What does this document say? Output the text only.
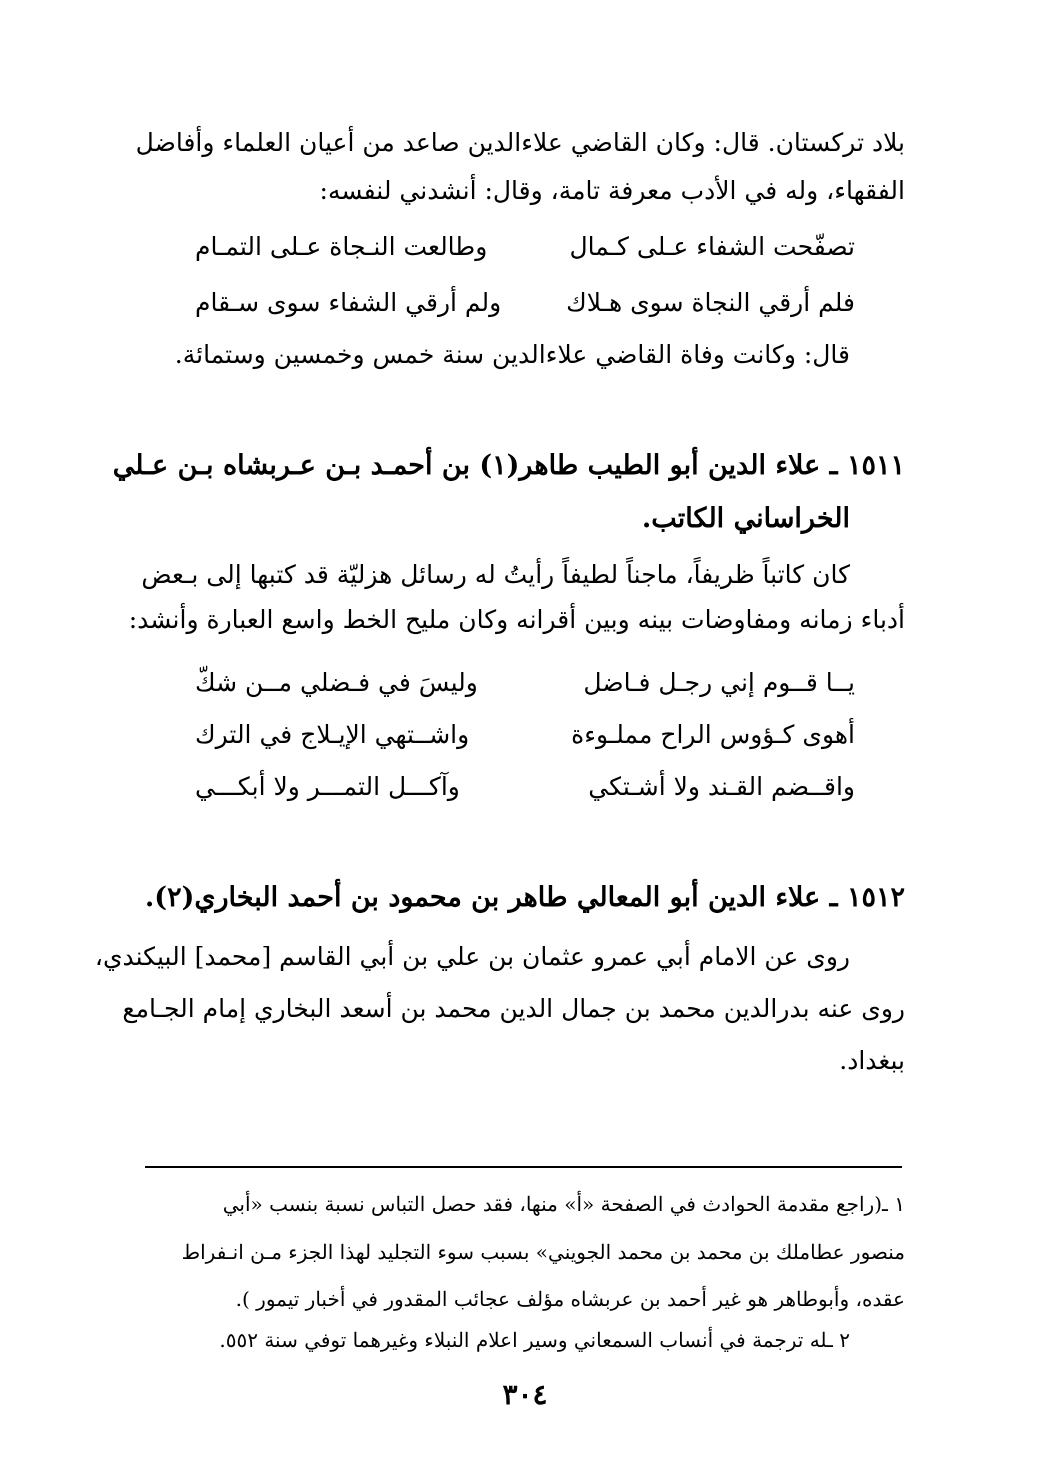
بلاد تركستان. قال: وكان القاضي علاءالدين صاعد من أعيان العلماء وأفاضل
الفقهاء، وله في الأدب معرفة تامة، وقال: أنشدني لنفسه:
تصفّحت الشفاء عـلى كـمال
وطالعت النـجاة عـلى التمـام
فلم أرقي النجاة سوى هـلاك
ولم أرقي الشفاء سوى سـقام
قال: وكانت وفاة القاضي علاءالدين سنة خمس وخمسين وستمائة.
١٥١١ ـ علاء الدين أبو الطيب طاهر(١) بن أحمـد بـن عـربشاه بـن عـلي
الخراساني الكاتب.
كان كاتباً ظريفاً، ماجناً لطيفاً رأيتُ له رسائل هزليّة قد كتبها إلى بـعض
أدباء زمانه ومفاوضات بينه وبين أقرانه وكان مليح الخط واسع العبارة وأنشد:
يــا قــوم إني رجـل فـاضل
وليسَ في فـضلي مــن شكّ
أهوى كـؤوس الراح مملـوءة
واشــتهي الإيـلاج في الترك
واقــضم القـند ولا أشـتكي
وآكـــل التمـــر ولا أبكـــي
١٥١٢ ـ علاء الدين أبو المعالي طاهر بن محمود بن أحمد البخاري(٢).
روى عن الامام أبي عمرو عثمان بن علي بن أبي القاسم [محمد] البيكندي،
روى عنه بدرالدين محمد بن جمال الدين محمد بن أسعد البخاري إمام الجـامع
ببغداد.
١ ـ(راجع مقدمة الحوادث في الصفحة «أ» منها، فقد حصل التباس نسبة بنسب «أبي
منصور عطاملك بن محمد بن محمد الجويني» بسبب سوء التجليد لهذا الجزء مـن انـفراط
عقده، وأبوطاهر هو غير أحمد بن عربشاه مؤلف عجائب المقدور في أخبار تيمور ).
٢ ـله ترجمة في أنساب السمعاني وسير اعلام النبلاء وغيرهما توفي سنة ٥٥٢.
٣٠٤
